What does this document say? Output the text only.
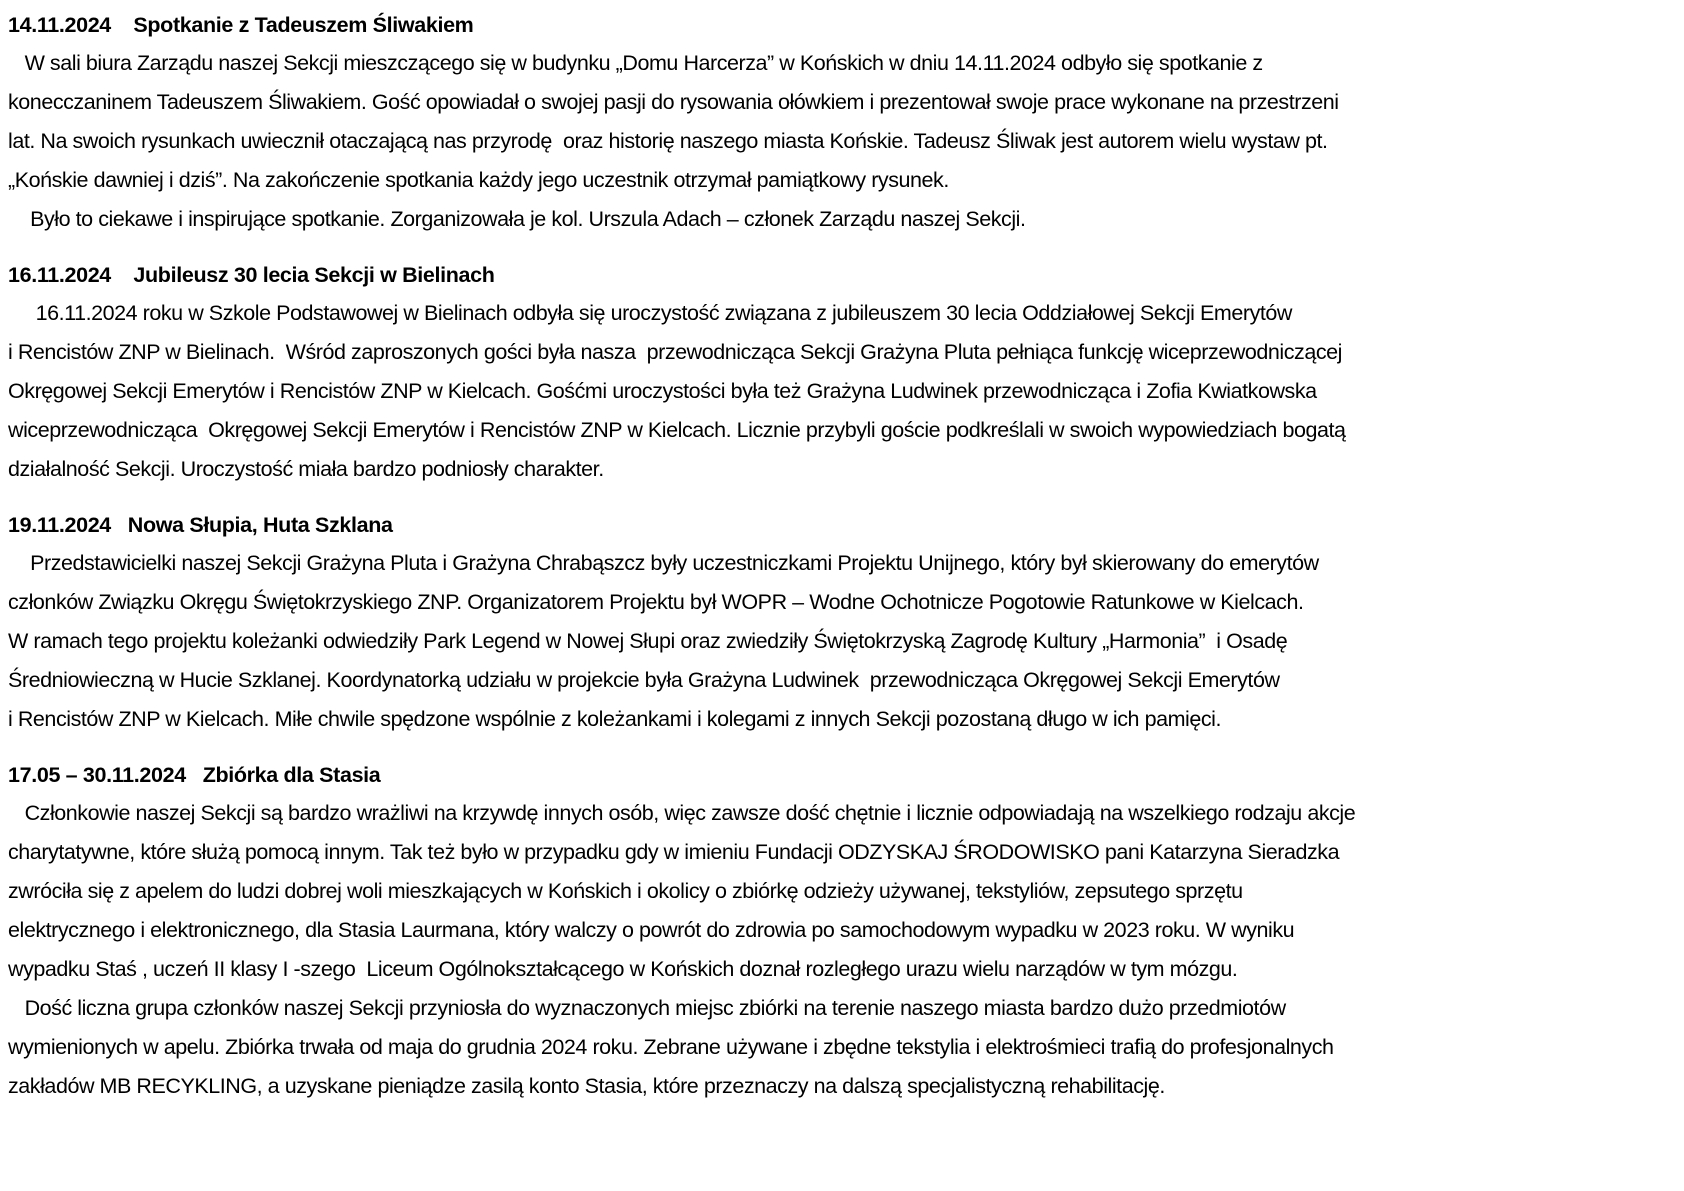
14.11.2024    Spotkanie z Tadeuszem Śliwakiem
W sali biura Zarządu naszej Sekcji mieszczącego się w budynku „Domu Harcerza” w Końskich w dniu 14.11.2024 odbyło się spotkanie z
konecczaninem Tadeuszem Śliwakiem. Gość opowiadał o swojej pasji do rysowania ołówkiem i prezentował swoje prace wykonane na przestrzeni
lat. Na swoich rysunkach uwiecznił otaczającą nas przyrodę  oraz historię naszego miasta Końskie. Tadeusz Śliwak jest autorem wielu wystaw pt.
„Końskie dawniej i dziś”. Na zakończenie spotkania każdy jego uczestnik otrzymał pamiątkowy rysunek.
Było to ciekawe i inspirujące spotkanie. Zorganizowała je kol. Urszula Adach – członek Zarządu naszej Sekcji.
16.11.2024    Jubileusz 30 lecia Sekcji w Bielinach
16.11.2024 roku w Szkole Podstawowej w Bielinach odbyła się uroczystość związana z jubileuszem 30 lecia Oddziałowej Sekcji Emerytów
i Rencistów ZNP w Bielinach.  Wśród zaproszonych gości była nasza  przewodnicząca Sekcji Grażyna Pluta pełniąca funkcję wiceprzewodniczącej
Okręgowej Sekcji Emerytów i Rencistów ZNP w Kielcach. Gośćmi uroczystości była też Grażyna Ludwinek przewodnicząca i Zofia Kwiatkowska
wiceprzewodnicząca  Okręgowej Sekcji Emerytów i Rencistów ZNP w Kielcach. Licznie przybyli goście podkreślali w swoich wypowiedziach bogatą
działalność Sekcji. Uroczystość miała bardzo podniosły charakter.
19.11.2024   Nowa Słupia, Huta Szklana
Przedstawicielki naszej Sekcji Grażyna Pluta i Grażyna Chrabąszcz były uczestniczkami Projektu Unijnego, który był skierowany do emerytów
członków Związku Okręgu Świętokrzyskiego ZNP. Organizatorem Projektu był WOPR – Wodne Ochotnicze Pogotowie Ratunkowe w Kielcach.
W ramach tego projektu koleżanki odwiedziły Park Legend w Nowej Słupi oraz zwiedziły Świętokrzyską Zagrodę Kultury „Harmonia”  i Osadę
Średniowieczną w Hucie Szklanej. Koordynatorką udziału w projekcie była Grażyna Ludwinek  przewodnicząca Okręgowej Sekcji Emerytów
i Rencistów ZNP w Kielcach. Miłe chwile spędzone wspólnie z koleżankami i kolegami z innych Sekcji pozostaną długo w ich pamięci.
17.05 – 30.11.2024   Zbiórka dla Stasia
Członkowie naszej Sekcji są bardzo wrażliwi na krzywdę innych osób, więc zawsze dość chętnie i licznie odpowiadają na wszelkiego rodzaju akcje
charytatywne, które służą pomocą innym. Tak też było w przypadku gdy w imieniu Fundacji ODZYSKAJ ŚRODOWISKO pani Katarzyna Sieradzka
zwróciła się z apelem do ludzi dobrej woli mieszkających w Końskich i okolicy o zbiórkę odzieży używanej, tekstyliów, zepsutego sprzętu
elektrycznego i elektronicznego, dla Stasia Laurmana, który walczy o powrót do zdrowia po samochodowym wypadku w 2023 roku. W wyniku
wypadku Staś , uczeń II klasy I -szego  Liceum Ogólnokształcącego w Końskich doznał rozległego urazu wielu narządów w tym mózgu.
Dość liczna grupa członków naszej Sekcji przyniosła do wyznaczonych miejsc zbiórki na terenie naszego miasta bardzo dużo przedmiotów
wymienionych w apelu. Zbiórka trwała od maja do grudnia 2024 roku. Zebrane używane i zbędne tekstylia i elektrośmieci trafią do profesjonalnych
zakładów MB RECYKLING, a uzyskane pieniądze zasilą konto Stasia, które przeznaczy na dalszą specjalistyczną rehabilitację.
